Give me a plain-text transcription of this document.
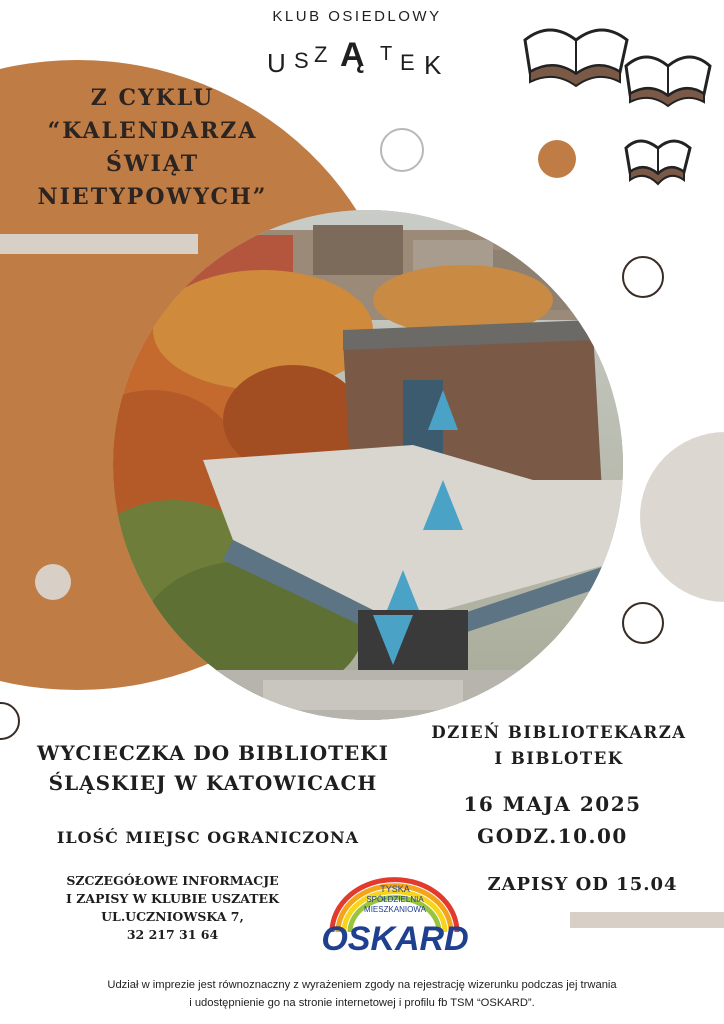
KLUB OSIEDLOWY
U S Z Ą T E K
Z CYKLU
“KALENDARZA
ŚWIĄT
NIETYPOWYCH”
WYCIECZKA DO BIBLIOTEKI
ŚLĄSKIEJ W KATOWICACH
ILOŚĆ MIEJSC OGRANICZONA
SZCZEGÓŁOWE INFORMACJE
I ZAPISY W KLUBIE USZATEK
UL.UCZNIOWSKA 7,
32 217 31 64
DZIEŃ BIBLIOTEKARZA
I BIBLOTEK
16 MAJA 2025
GODZ.10.00
ZAPISY OD 15.04
TYSKA
SPÓŁDZIELNIA
MIESZKANIOWA
OSKARD
Udział w imprezie jest równoznaczny z wyrażeniem zgody na rejestrację wizerunku podczas jej trwania
i udostępnienie go na stronie internetowej i profilu fb TSM “OSKARD”.
